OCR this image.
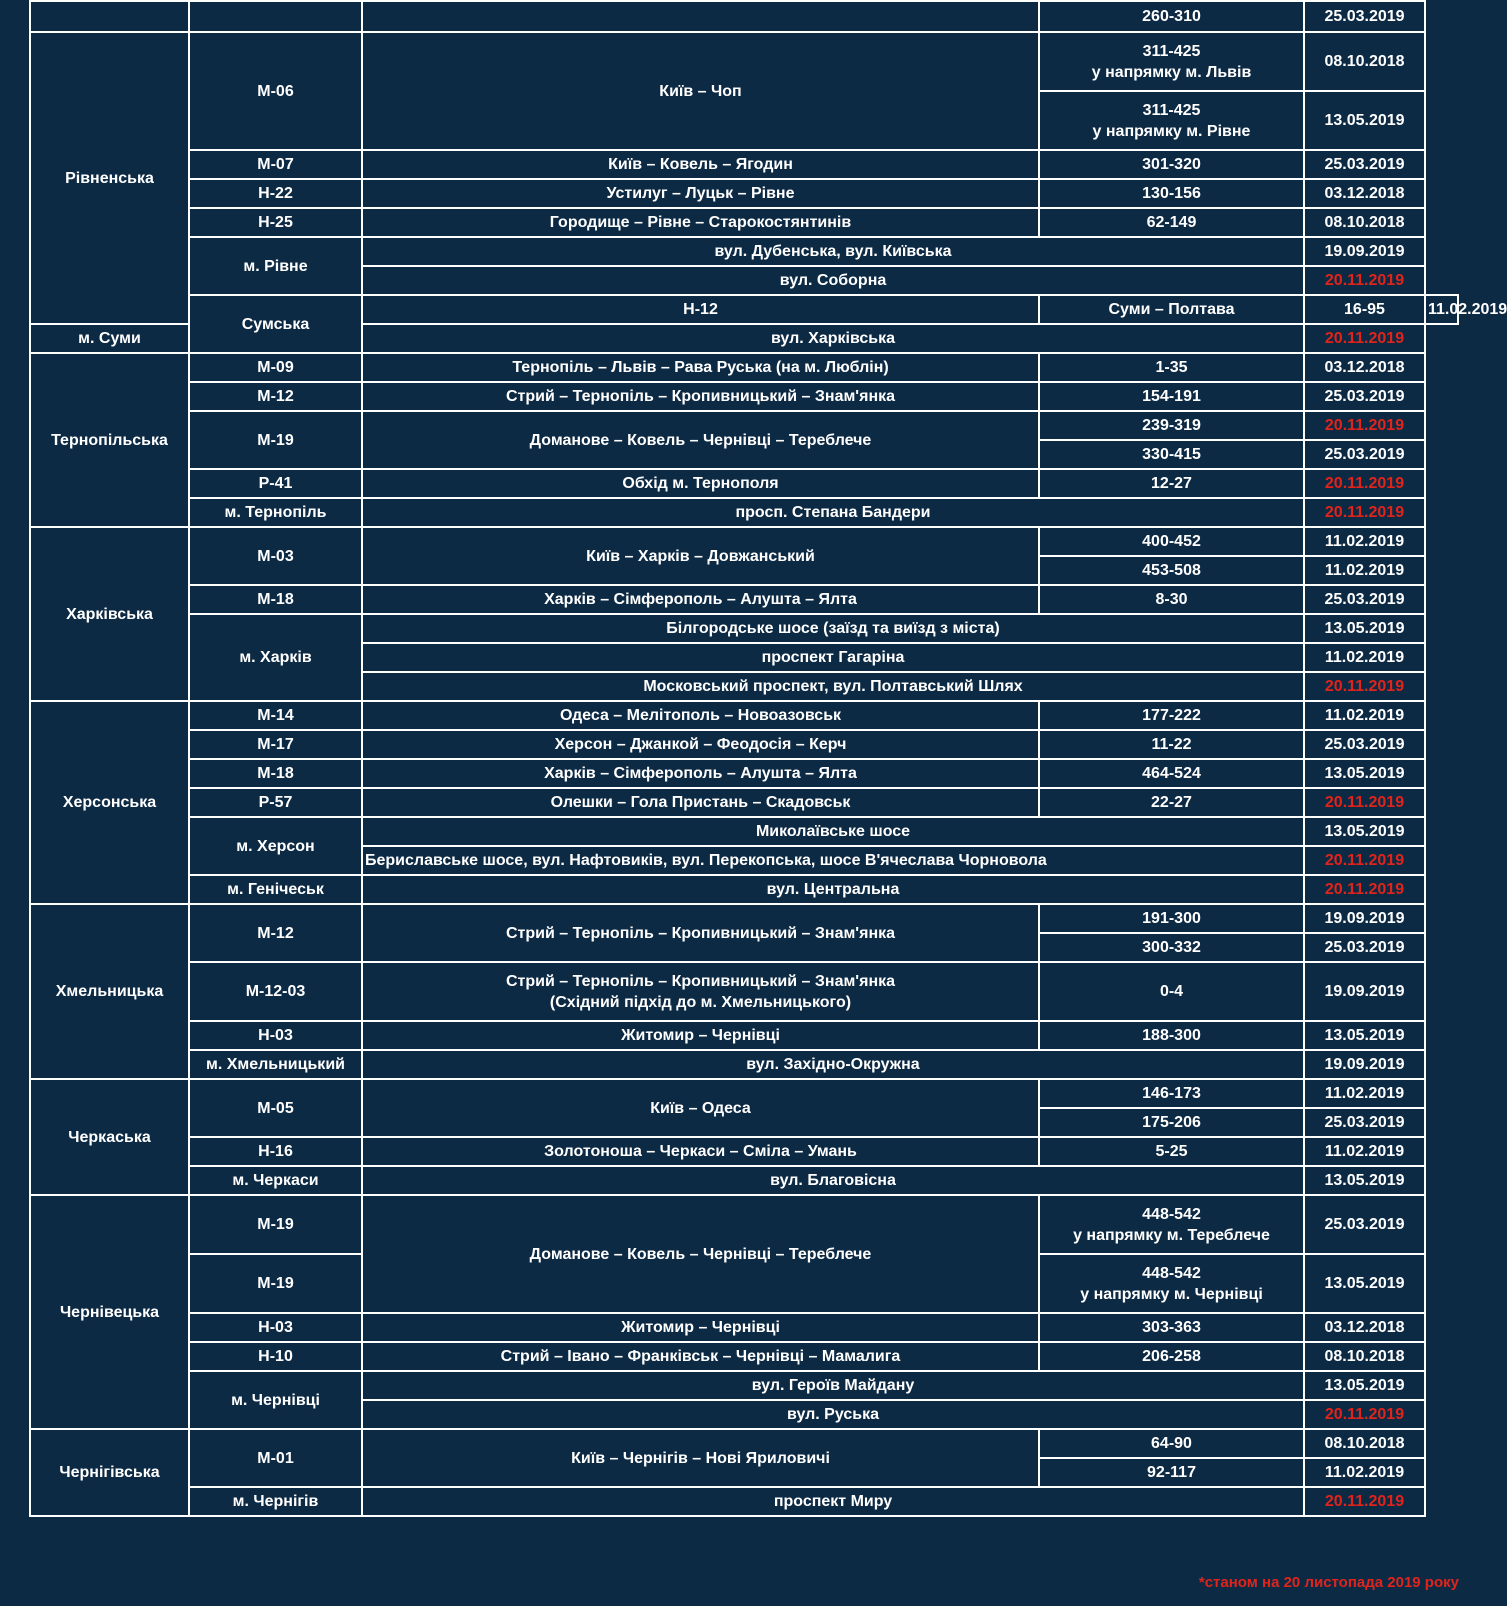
			260-310	25.03.2019	
Рівненська	М-06	Київ – Чоп	311-425
у напрямку м. Львів	08.10.2018	
			311-425
у напрямку м. Рівне	13.05.2019	
	М-07	Київ – Ковель – Ягодин	301-320	25.03.2019	
	Н-22	Устилуг – Луцьк – Рівне	130-156	03.12.2018	
	Н-25	Городище – Рівне – Старокостянтинів	62-149	08.10.2018	
	м. Рівне	вул. Дубенська, вул. Київська		19.09.2019	
		вул. Соборна		20.11.2019	
	Сумська	Н-12	Суми – Полтава	16-95	11.02.2019
м. Суми		вул. Харківська		20.11.2019	
Тернопільська	М-09	Тернопіль – Львів – Рава Руська (на м. Люблін)	1-35	03.12.2018	
	М-12	Стрий – Тернопіль – Кропивницький – Знам'янка	154-191	25.03.2019	
	М-19	Доманове – Ковель – Чернівці – Тереблече	239-319	20.11.2019	
			330-415	25.03.2019	
	Р-41	Обхід м. Тернополя	12-27	20.11.2019	
	м. Тернопіль	просп. Степана Бандери		20.11.2019	
Харківська	М-03	Київ – Харків – Довжанський	400-452	11.02.2019	
			453-508	11.02.2019	
	М-18	Харків – Сімферополь – Алушта – Ялта	8-30	25.03.2019	
	м. Харків	Білгородське шосе (заїзд та виїзд з міста)		13.05.2019	
		проспект Гагаріна		11.02.2019	
		Московський проспект, вул. Полтавський Шлях		20.11.2019	
Херсонська	М-14	Одеса – Мелітополь – Новоазовськ	177-222	11.02.2019	
	М-17	Херсон – Джанкой – Феодосія – Керч	11-22	25.03.2019	
	М-18	Харків – Сімферополь – Алушта – Ялта	464-524	13.05.2019	
	Р-57	Олешки – Гола Пристань – Скадовськ	22-27	20.11.2019	
	м. Херсон	Миколаївське шосе		13.05.2019	
		Бериславське шосе, вул. Нафтовиків, вул. Перекопська, шосе В'ячеслава Чорновола		20.11.2019	
	м. Генічеськ	вул. Центральна		20.11.2019	
Хмельницька	М-12	Стрий – Тернопіль – Кропивницький – Знам'янка	191-300	19.09.2019	
			300-332	25.03.2019	
	М-12-03	Стрий – Тернопіль – Кропивницький – Знам'янка
(Східний підхід до м. Хмельницького)	0-4	19.09.2019	
	Н-03	Житомир – Чернівці	188-300	13.05.2019	
	м. Хмельницький	вул. Західно-Окружна		19.09.2019	
Черкаська	М-05	Київ – Одеса	146-173	11.02.2019	
			175-206	25.03.2019	
	Н-16	Золотоноша – Черкаси – Сміла – Умань	5-25	11.02.2019	
	м. Черкаси	вул. Благовісна		13.05.2019	
Чернівецька	М-19	Доманове – Ковель – Чернівці – Тереблече	448-542
у напрямку м. Тереблече	25.03.2019	
	М-19		448-542
у напрямку м. Чернівці	13.05.2019	
	Н-03	Житомир – Чернівці	303-363	03.12.2018	
	Н-10	Стрий – Івано – Франківськ – Чернівці – Мамалига	206-258	08.10.2018	
	м. Чернівці	вул. Героїв Майдану		13.05.2019	
		вул. Руська		20.11.2019	
Чернігівська	М-01	Київ – Чернігів – Нові Яриловичі	64-90	08.10.2018	
			92-117	11.02.2019	
	м. Чернігів	проспект Миру		20.11.2019	
*станом на 20 листопада 2019 року
